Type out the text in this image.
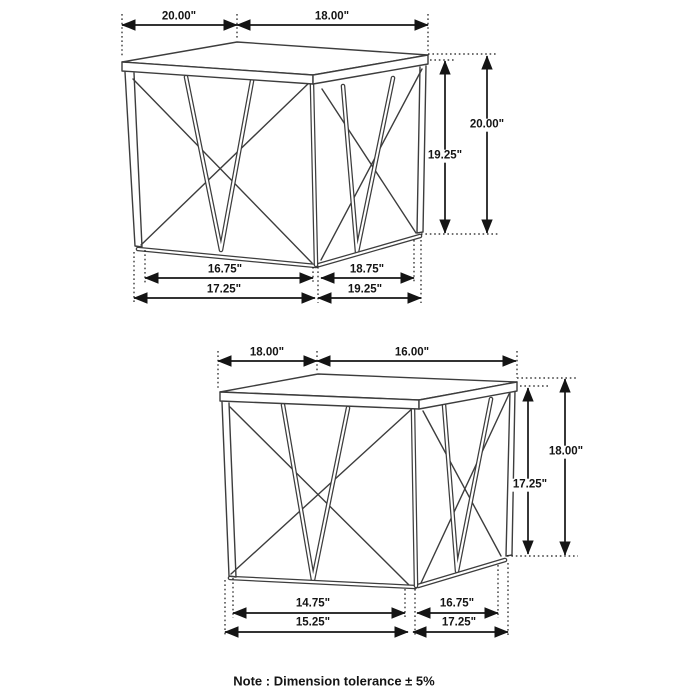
20.00"	18.00"
20.00"
19.25"
16.75"	18.75"
17.25"	19.25"
18.00"	16.00"
18.00"
17.25"
14.75"	16.75"
15.25"	17.25"
Note : Dimension tolerance ± 5%
